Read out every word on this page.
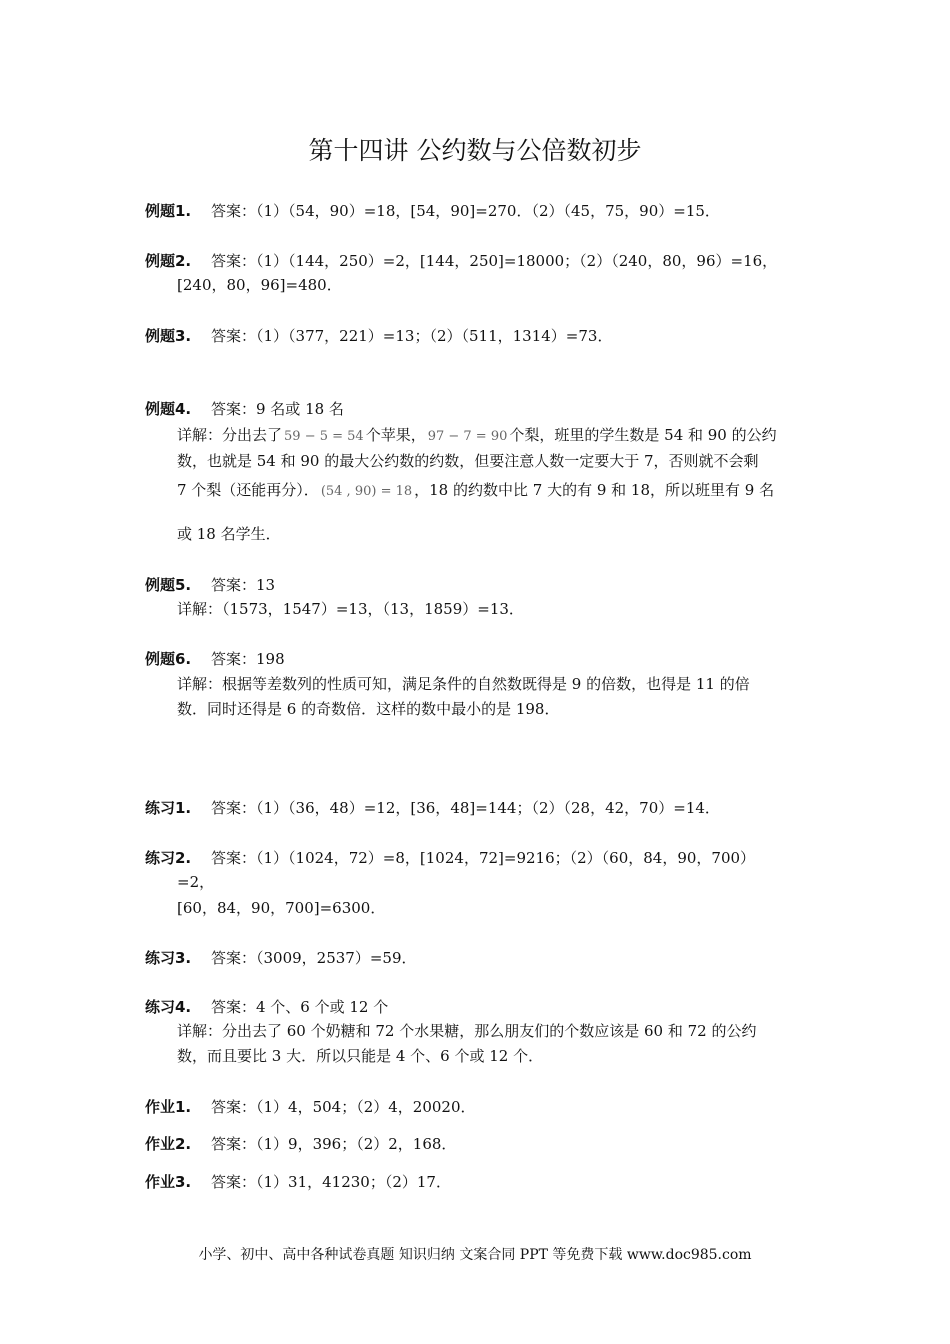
第十四讲 公约数与公倍数初步
例题1. 答案：（1）（54，90）=18，[54，90]=270．（2）（45，75，90）=15．
例题2. 答案：（1）（144，250）=2，[144，250]=18000；（2）（240，80，96）=16，
[240，80，96]=480．
例题3. 答案：（1）（377，221）=13；（2）（511，1314）=73．
例题4. 答案：9 名或 18 名
详解：分出去了 59 − 5 = 54 个苹果， 97 − 7 = 90 个梨，班里的学生数是 54 和 90 的公约
数，也就是 54 和 90 的最大公约数的约数，但要注意人数一定要大于 7，否则就不会剩
7 个梨（还能再分）． (54 , 90) = 18 ，18 的约数中比 7 大的有 9 和 18，所以班里有 9 名
或 18 名学生．
例题5. 答案：13
详解：（1573，1547）=13，（13，1859）=13．
例题6. 答案：198
详解：根据等差数列的性质可知，满足条件的自然数既得是 9 的倍数，也得是 11 的倍
数．同时还得是 6 的奇数倍．这样的数中最小的是 198．
练习1. 答案：（1）（36，48）=12，[36，48]=144；（2）（28，42，70）=14．
练习2. 答案：（1）（1024，72）=8，[1024，72]=9216；（2）（60，84，90，700）
=2，
[60，84，90，700]=6300．
练习3. 答案：（3009，2537）=59．
练习4. 答案：4 个、6 个或 12 个
详解：分出去了 60 个奶糖和 72 个水果糖，那么朋友们的个数应该是 60 和 72 的公约
数，而且要比 3 大．所以只能是 4 个、6 个或 12 个．
作业1. 答案：（1）4，504；（2）4，20020．
作业2. 答案：（1）9，396；（2）2，168．
作业3. 答案：（1）31，41230；（2）17．
小学、初中、高中各种试卷真题 知识归纳 文案合同 PPT 等免费下载 www.doc985.com
